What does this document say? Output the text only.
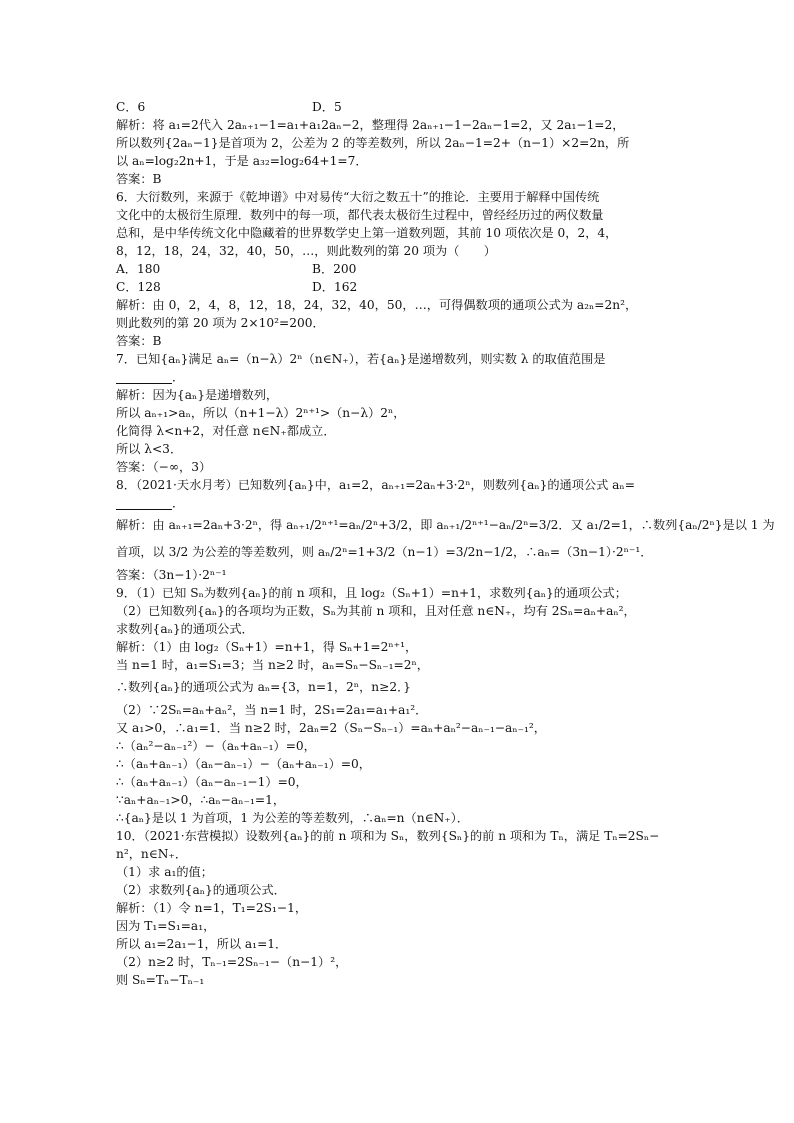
C．6	D．5
解析：将 a₁=2代入 2aₙ₊₁−1=a₁+a₁2aₙ−2，整理得 2aₙ₊₁−1−2aₙ−1=2，又 2a₁−1=2，
所以数列{2aₙ−1}是首项为 2，公差为 2 的等差数列，所以 2aₙ−1=2+（n−1）×2=2n，所
以 aₙ=log₂2n+1，于是 a₃₂=log₂64+1=7．
答案：B
6．大衍数列，来源于《乾坤谱》中对易传“大衍之数五十”的推论．主要用于解释中国传统
文化中的太极衍生原理．数列中的每一项，都代表太极衍生过程中，曾经经历过的两仪数量
总和，是中华传统文化中隐藏着的世界数学史上第一道数列题，其前 10 项依次是 0，2，4，
8，12，18，24，32，40，50，…，则此数列的第 20 项为（　　）
A．180	B．200
C．128	D．162
解析：由 0，2，4，8，12，18，24，32，40，50，…，可得偶数项的通项公式为 a₂ₙ=2n²，
则此数列的第 20 项为 2×10²=200．
答案：B
7．已知{aₙ}满足 aₙ=（n−λ）2ⁿ（n∈N₊），若{aₙ}是递增数列，则实数 λ 的取值范围是
．
解析：因为{aₙ}是递增数列，
所以 aₙ₊₁>aₙ，所以（n+1−λ）2ⁿ⁺¹>（n−λ）2ⁿ，
化简得 λ<n+2，对任意 n∈N₊都成立．
所以 λ<3．
答案：（−∞，3）
8．（2021·天水月考）已知数列{aₙ}中，a₁=2，aₙ₊₁=2aₙ+3·2ⁿ，则数列{aₙ}的通项公式 aₙ=
．
解析：由 aₙ₊₁=2aₙ+3·2ⁿ，得 aₙ₊₁/2ⁿ⁺¹=aₙ/2ⁿ+3/2，即 aₙ₊₁/2ⁿ⁺¹−aₙ/2ⁿ=3/2．又 a₁/2=1，∴数列{aₙ/2ⁿ}是以 1 为
首项，以 3/2 为公差的等差数列，则 aₙ/2ⁿ=1+3/2（n−1）=3/2n−1/2，∴aₙ=（3n−1）·2ⁿ⁻¹．
答案：（3n−1）·2ⁿ⁻¹
9．（1）已知 Sₙ为数列{aₙ}的前 n 项和，且 log₂（Sₙ+1）=n+1，求数列{aₙ}的通项公式；
（2）已知数列{aₙ}的各项均为正数，Sₙ为其前 n 项和，且对任意 n∈N₊，均有 2Sₙ=aₙ+aₙ²，
求数列{aₙ}的通项公式．
解析：（1）由 log₂（Sₙ+1）=n+1，得 Sₙ+1=2ⁿ⁺¹，
当 n=1 时，a₁=S₁=3；当 n≥2 时，aₙ=Sₙ−Sₙ₋₁=2ⁿ，
∴数列{aₙ}的通项公式为 aₙ={3，n=1，2ⁿ，n≥2．}
（2）∵2Sₙ=aₙ+aₙ²，当 n=1 时，2S₁=2a₁=a₁+a₁²．
又 a₁>0，∴a₁=1．当 n≥2 时，2aₙ=2（Sₙ−Sₙ₋₁）=aₙ+aₙ²−aₙ₋₁−aₙ₋₁²，
∴（aₙ²−aₙ₋₁²）−（aₙ+aₙ₋₁）=0，
∴（aₙ+aₙ₋₁）（aₙ−aₙ₋₁）−（aₙ+aₙ₋₁）=0，
∴（aₙ+aₙ₋₁）（aₙ−aₙ₋₁−1）=0，
∵aₙ+aₙ₋₁>0，∴aₙ−aₙ₋₁=1，
∴{aₙ}是以 1 为首项，1 为公差的等差数列，∴aₙ=n（n∈N₊）．
10．（2021·东营模拟）设数列{aₙ}的前 n 项和为 Sₙ，数列{Sₙ}的前 n 项和为 Tₙ，满足 Tₙ=2Sₙ−
n²，n∈N₊．
（1）求 a₁的值；
（2）求数列{aₙ}的通项公式．
解析：（1）令 n=1，T₁=2S₁−1，
因为 T₁=S₁=a₁，
所以 a₁=2a₁−1，所以 a₁=1．
（2）n≥2 时，Tₙ₋₁=2Sₙ₋₁−（n−1）²，
则 Sₙ=Tₙ−Tₙ₋₁
